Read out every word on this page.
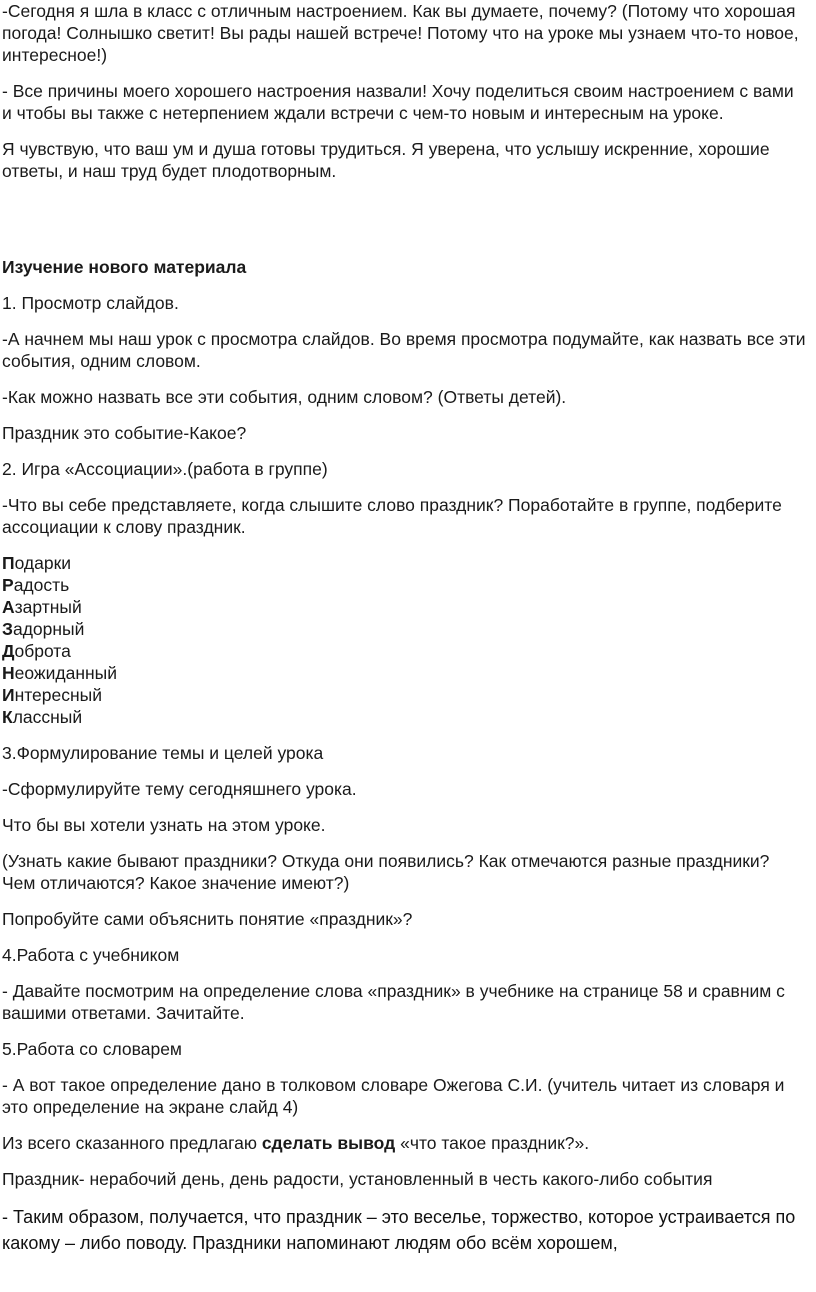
-Сегодня я шла в класс с отличным настроением. Как вы думаете, почему? (Потому что хорошая погода! Солнышко светит! Вы рады нашей встрече! Потому что на уроке мы узнаем что-то новое, интересное!)

- Все причины моего хорошего настроения назвали! Хочу поделиться своим настроением с вами и чтобы вы также с нетерпением ждали встречи с чем-то новым и интересным на уроке.

Я чувствую, что ваш ум и душа готовы трудиться. Я уверена, что услышу искренние, хорошие ответы, и наш труд будет плодотворным.

Изучение нового материала

1. Просмотр слайдов.

-А начнем мы наш урок с просмотра слайдов. Во время просмотра подумайте, как назвать все эти события, одним словом.

-Как можно назвать все эти события, одним словом? (Ответы детей).

Праздник это событие-Какое?

2. Игра «Ассоциации».(работа в группе)

-Что вы себе представляете, когда слышите слово праздник? Поработайте в группе, подберите ассоциации к слову праздник.

Подарки
Радость
Азартный
Задорный
Доброта
Неожиданный
Интересный
Классный

3.Формулирование темы и целей урока

-Сформулируйте тему сегодняшнего урока.

Что бы вы хотели узнать на этом уроке.

(Узнать какие бывают праздники? Откуда они появились? Как отмечаются разные праздники? Чем отличаются? Какое значение имеют?)

Попробуйте сами объяснить понятие «праздник»?

4.Работа с учебником

- Давайте посмотрим на определение слова «праздник» в учебнике на странице 58 и сравним с вашими ответами. Зачитайте.

5.Работа со словарем

- А вот такое определение дано в толковом словаре Ожегова С.И. (учитель читает из словаря и это определение на экране слайд 4)

Из всего сказанного предлагаю сделать вывод «что такое праздник?».

Праздник- нерабочий день, день радости, установленный в честь какого-либо события

- Таким образом, получается, что праздник – это веселье, торжество, которое устраивается по какому – либо поводу. Праздники напоминают людям обо всём хорошем,
